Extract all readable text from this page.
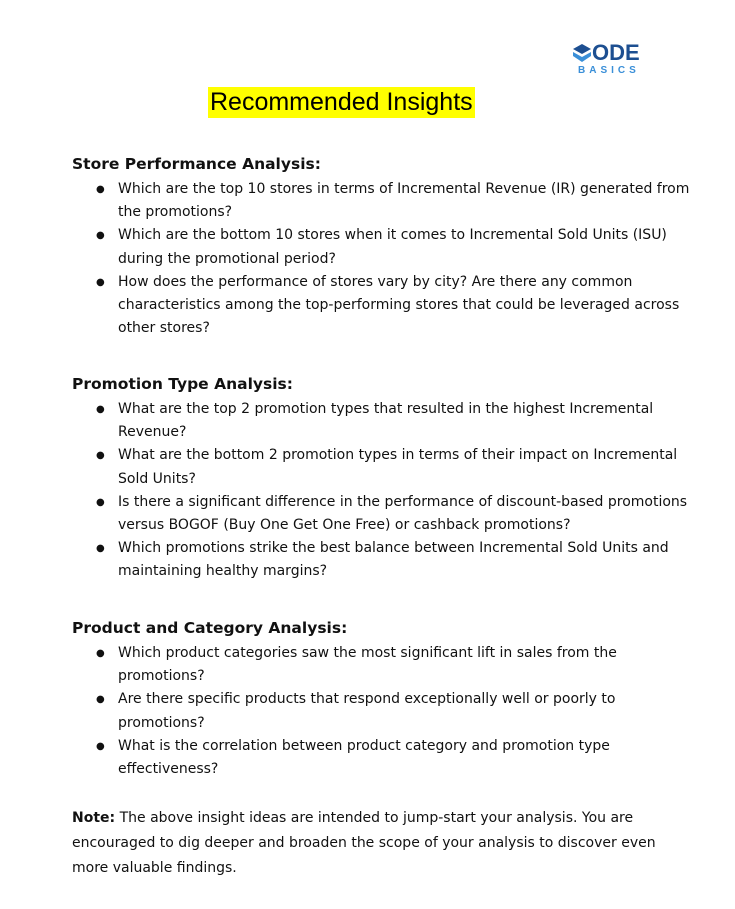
ODE
BASICS
Recommended Insights
Store Performance Analysis:
● Which are the top 10 stores in terms of Incremental Revenue (IR) generated from the promotions?
● Which are the bottom 10 stores when it comes to Incremental Sold Units (ISU) during the promotional period?
● How does the performance of stores vary by city? Are there any common characteristics among the top-performing stores that could be leveraged across other stores?
Promotion Type Analysis:
● What are the top 2 promotion types that resulted in the highest Incremental Revenue?
● What are the bottom 2 promotion types in terms of their impact on Incremental Sold Units?
● Is there a significant difference in the performance of discount-based promotions versus BOGOF (Buy One Get One Free) or cashback promotions?
● Which promotions strike the best balance between Incremental Sold Units and maintaining healthy margins?
Product and Category Analysis:
● Which product categories saw the most significant lift in sales from the promotions?
● Are there specific products that respond exceptionally well or poorly to promotions?
● What is the correlation between product category and promotion type effectiveness?
Note: The above insight ideas are intended to jump-start your analysis. You are encouraged to dig deeper and broaden the scope of your analysis to discover even more valuable findings.
